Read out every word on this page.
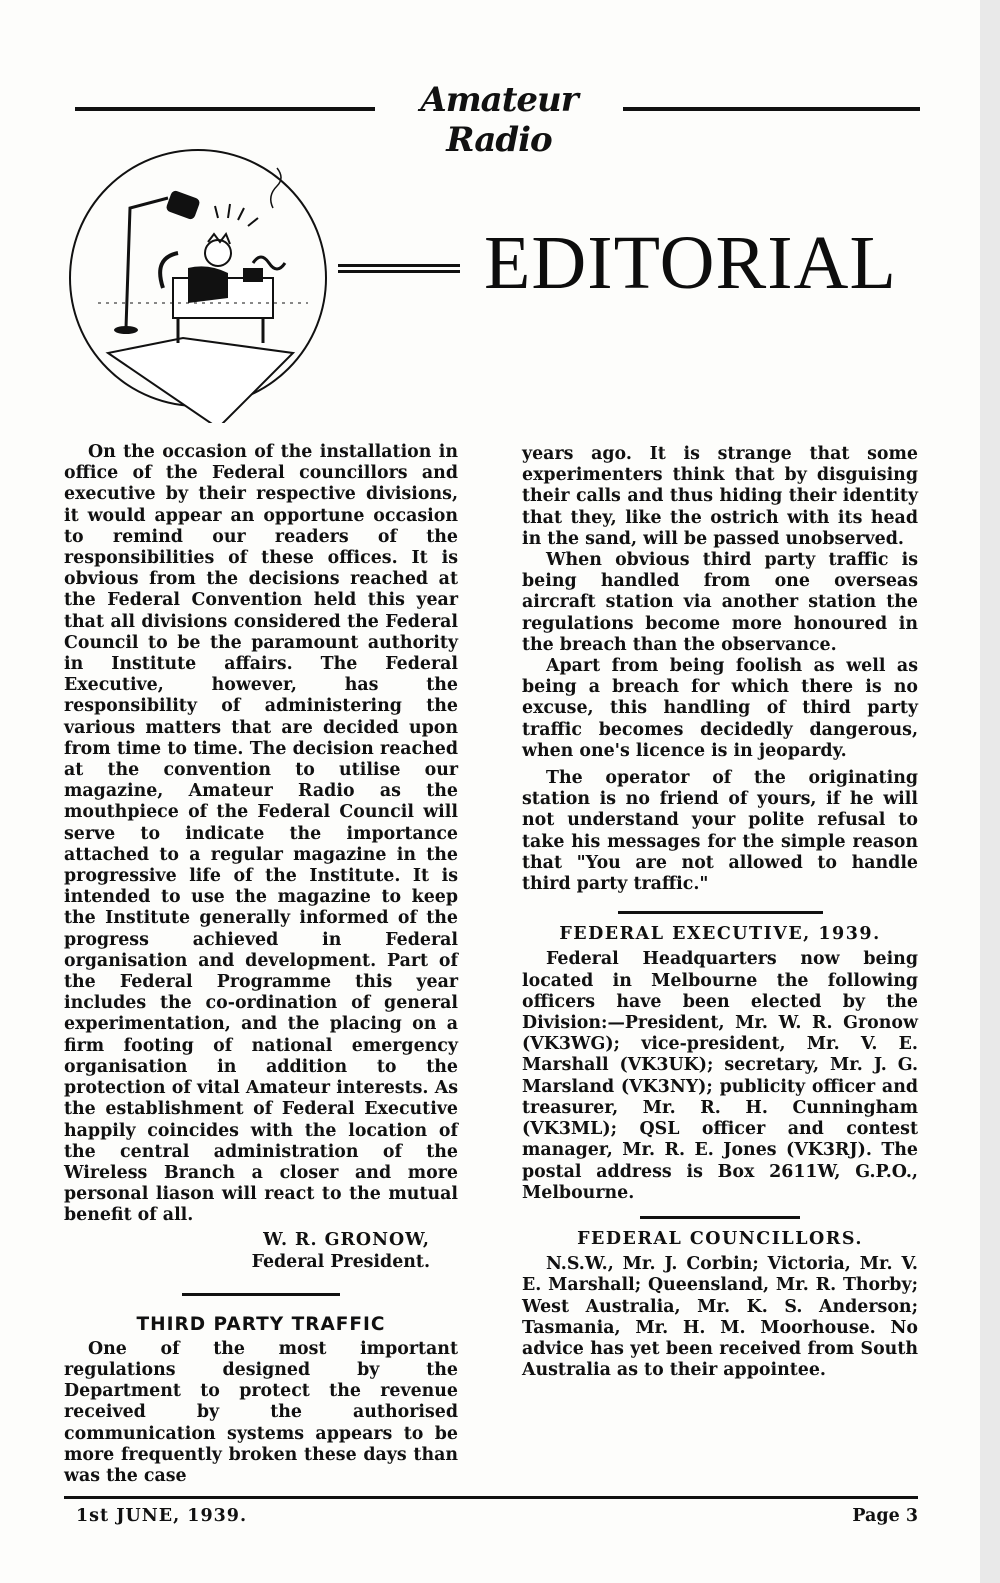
Amateur Radio
EDITORIAL

On the occasion of the installation in office of the Federal councillors and executive by their respective divisions, it would appear an opportune occasion to remind our readers of the responsibilities of these offices. It is obvious from the decisions reached at the Federal Convention held this year that all divisions considered the Federal Council to be the paramount authority in Institute affairs. The Federal Executive, however, has the responsibility of administering the various matters that are decided upon from time to time. The decision reached at the convention to utilise our magazine, Amateur Radio as the mouthpiece of the Federal Council will serve to indicate the importance attached to a regular magazine in the progressive life of the Institute. It is intended to use the magazine to keep the Institute generally informed of the progress achieved in Federal organisation and development. Part of the Federal Programme this year includes the co-ordination of general experimentation, and the placing on a firm footing of national emergency organisation in addition to the protection of vital Amateur interests. As the establishment of Federal Executive happily coincides with the location of the central administration of the Wireless Branch a closer and more personal liason will react to the mutual benefit of all.

W. R. GRONOW,
Federal President.
THIRD PARTY TRAFFIC

One of the most important regulations designed by the Department to protect the revenue received by the authorised communication systems appears to be more frequently broken these days than was the case

years ago. It is strange that some experimenters think that by disguising their calls and thus hiding their identity that they, like the ostrich with its head in the sand, will be passed unobserved.

When obvious third party traffic is being handled from one overseas aircraft station via another station the regulations become more honoured in the breach than the observance.

Apart from being foolish as well as being a breach for which there is no excuse, this handling of third party traffic becomes decidedly dangerous, when one's licence is in jeopardy.

The operator of the originating station is no friend of yours, if he will not understand your polite refusal to take his messages for the simple reason that "You are not allowed to handle third party traffic."

FEDERAL EXECUTIVE, 1939.

Federal Headquarters now being located in Melbourne the following officers have been elected by the Division:—President, Mr. W. R. Gronow (VK3WG); vice-president, Mr. V. E. Marshall (VK3UK); secretary, Mr. J. G. Marsland (VK3NY); publicity officer and treasurer, Mr. R. H. Cunningham (VK3ML); QSL officer and contest manager, Mr. R. E. Jones (VK3RJ). The postal address is Box 2611W, G.P.O., Melbourne.

FEDERAL COUNCILLORS.

N.S.W., Mr. J. Corbin; Victoria, Mr. V. E. Marshall; Queensland, Mr. R. Thorby; West Australia, Mr. K. S. Anderson; Tasmania, Mr. H. M. Moorhouse. No advice has yet been received from South Australia as to their appointee.

1st JUNE, 1939.	Page 3
